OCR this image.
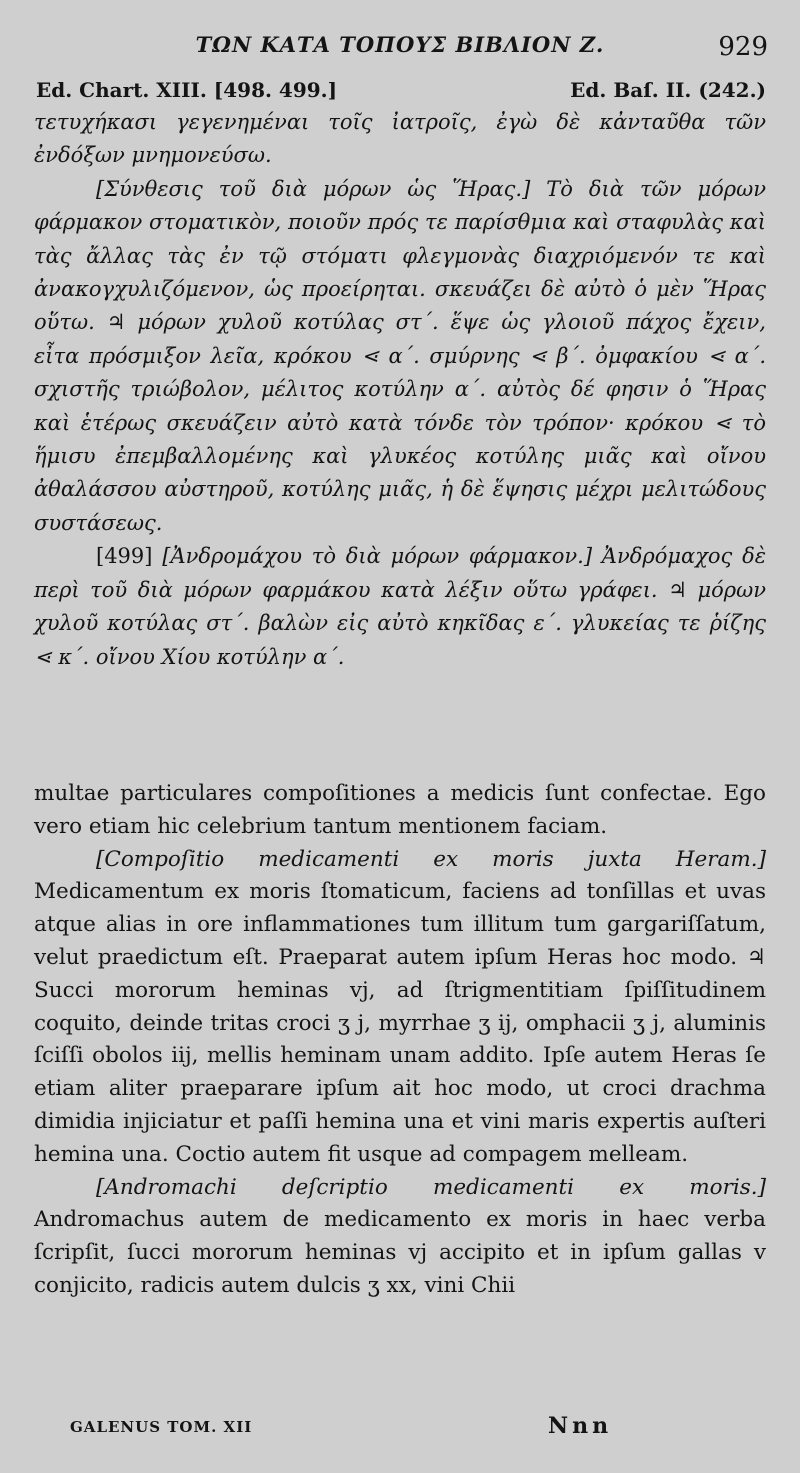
ΤΩΝ ΚΑΤΑ ΤΟΠΟΥΣ ΒΙΒΛΙΟΝ Ζ.	929
Ed. Chart. XIII. [498. 499.]	Ed. Baſ. II. (242.)

τετυχήκασι γεγενημέναι τοῖς ἰατροῖς, ἐγὼ δὲ κἀνταῦθα τῶν ἐνδόξων μνημονεύσω.

[Σύνθεσις τοῦ διὰ μόρων ὡς Ἥρας.] Τὸ διὰ τῶν μόρων φάρμακον στοματικὸν, ποιοῦν πρός τε παρίσθμια καὶ σταφυλὰς καὶ τὰς ἄλλας τὰς ἐν τῷ στόματι φλεγμονὰς διαχριόμενόν τε καὶ ἀνακογχυλιζόμενον, ὡς προείρηται. σκευάζει δὲ αὐτὸ ὁ μὲν Ἥρας οὕτω. ♃ μόρων χυλοῦ κοτύλας στ΄. ἕψε ὡς γλοιοῦ πάχος ἔχειν, εἶτα πρόσμιξον λεῖα, κρόκου ⋖ α΄. σμύρνης ⋖ β΄. ὀμφακίου ⋖ α΄. σχιστῆς τριώβολον, μέλιτος κοτύλην α΄. αὐτὸς δέ φησιν ὁ Ἥρας καὶ ἑτέρως σκευάζειν αὐτὸ κατὰ τόνδε τὸν τρόπον· κρόκου ⋖ τὸ ἥμισυ ἐπεμβαλλομένης καὶ γλυκέος κοτύλης μιᾶς καὶ οἴνου ἀθαλάσσου αὐστηροῦ, κοτύλης μιᾶς, ἡ δὲ ἕψησις μέχρι μελιτώδους συστάσεως.

[499] [Ἀνδρομάχου τὸ διὰ μόρων φάρμακον.] Ἀνδρόμαχος δὲ περὶ τοῦ διὰ μόρων φαρμάκου κατὰ λέξιν οὕτω γράφει. ♃ μόρων χυλοῦ κοτύλας στ΄. βαλὼν εἰς αὐτὸ κηκῖδας ε΄. γλυκείας τε ῥίζης ⋖ κ΄. οἴνου Χίου κοτύλην α΄.

multae particulares compoſitiones a medicis ſunt confectae. Ego vero etiam hic celebrium tantum mentionem faciam.

[Compoſitio medicamenti ex moris juxta Heram.] Medicamentum ex moris ſtomaticum, faciens ad tonſillas et uvas atque alias in ore inflammationes tum illitum tum gargariſſatum, velut praedictum eſt. Praeparat autem ipſum Heras hoc modo. ♃ Succi mororum heminas vj, ad ſtrigmentitiam ſpiſſitudinem coquito, deinde tritas croci ʒ j, myrrhae ʒ ij, omphacii ʒ j, aluminis ſciſſi obolos iij, mellis heminam unam addito. Ipſe autem Heras ſe etiam aliter praeparare ipſum ait hoc modo, ut croci drachma dimidia injiciatur et paſſi hemina una et vini maris expertis auſteri hemina una. Coctio autem fit usque ad compagem melleam.

[Andromachi deſcriptio medicamenti ex moris.] Andromachus autem de medicamento ex moris in haec verba ſcripſit, ſucci mororum heminas vj accipito et in ipſum gallas v conjicito, radicis autem dulcis ʒ xx, vini Chii

GALENUS TOM. XII	Nnn
